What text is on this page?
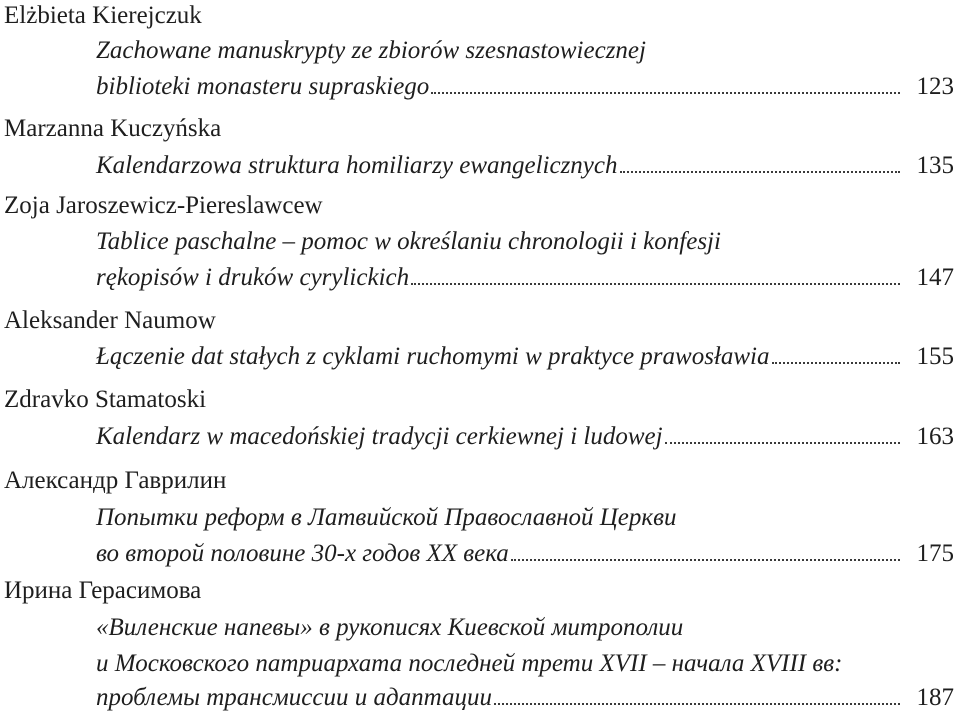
Elżbieta Kierejczuk
Zachowane manuskrypty ze zbiorów szesnastowiecznej
biblioteki monasteru supraskiego	123
Marzanna Kuczyńska
Kalendarzowa struktura homiliarzy ewangelicznych	135
Zoja Jaroszewicz-Piereslawcew
Tablice paschalne – pomoc w określaniu chronologii i konfesji
rękopisów i druków cyrylickich	147
Aleksander Naumow
Łączenie dat stałych z cyklami ruchomymi w praktyce prawosławia	155
Zdravko Stamatoski
Kalendarz w macedońskiej tradycji cerkiewnej i ludowej	163
Александр Гаврилин
Попытки реформ в Латвийской Православной Церкви
во второй половине 30-х годов XX века	175
Ирина Герасимова
«Виленские напевы» в рукописях Киевской митрополии
и Московского патриархата последней трети XVII – начала XVIII вв:
проблемы трансмиссии и адаптации	187
